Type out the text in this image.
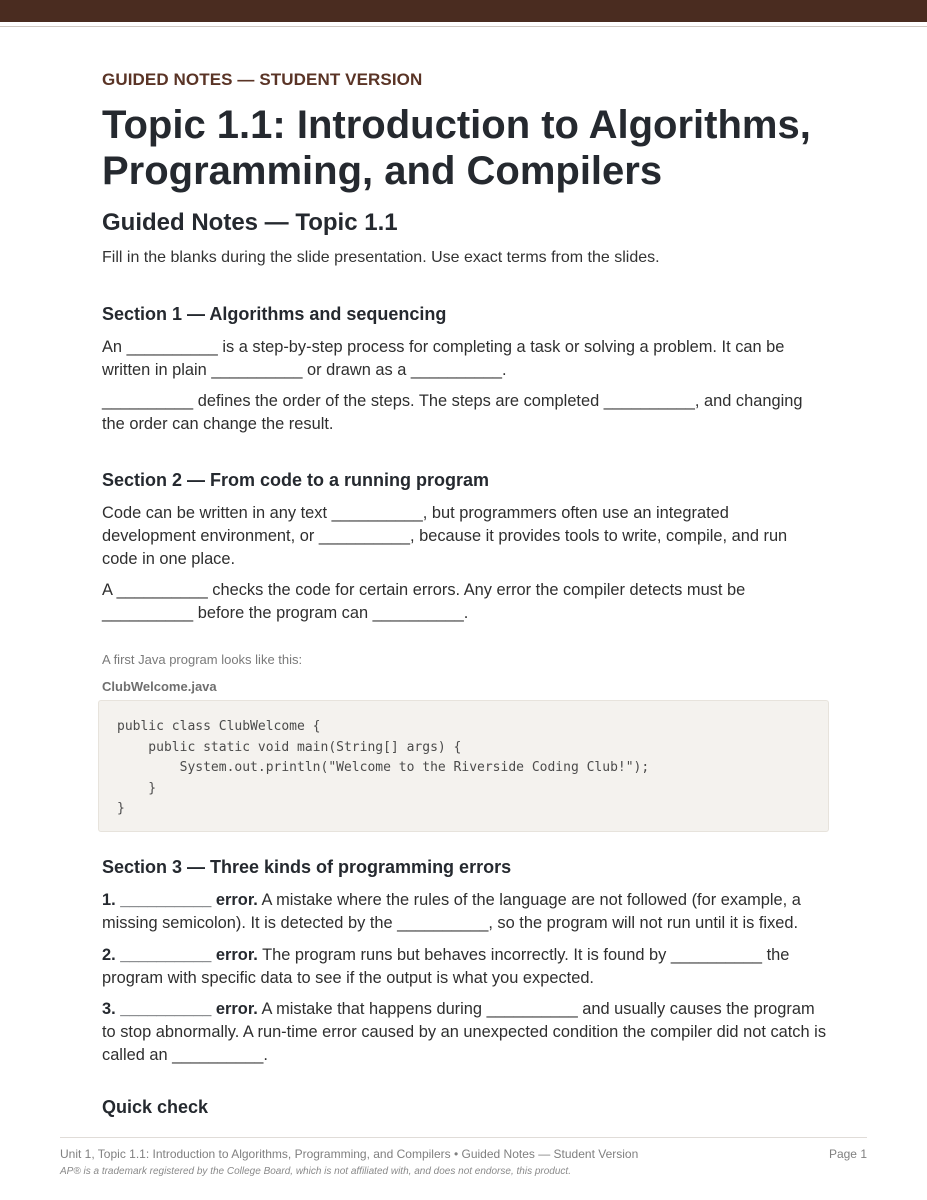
GUIDED NOTES — STUDENT VERSION
Topic 1.1: Introduction to Algorithms, Programming, and Compilers
Guided Notes — Topic 1.1
Fill in the blanks during the slide presentation. Use exact terms from the slides.
Section 1 — Algorithms and sequencing

An __________ is a step-by-step process for completing a task or solving a problem. It can be written in plain __________ or drawn as a __________.

__________ defines the order of the steps. The steps are completed __________, and changing the order can change the result.

Section 2 — From code to a running program

Code can be written in any text __________, but programmers often use an integrated development environment, or __________, because it provides tools to write, compile, and run code in one place.

A __________ checks the code for certain errors. Any error the compiler detects must be __________ before the program can __________.

A first Java program looks like this:
ClubWelcome.java
Section 3 — Three kinds of programming errors

1. __________ error. A mistake where the rules of the language are not followed (for example, a missing semicolon). It is detected by the __________, so the program will not run until it is fixed.

2. __________ error. The program runs but behaves incorrectly. It is found by __________ the program with specific data to see if the output is what you expected.

3. __________ error. A mistake that happens during __________ and usually causes the program to stop abnormally. A run-time error caused by an unexpected condition the compiler did not catch is called an __________.

Quick check
public class ClubWelcome {
public static void main(String[] args) {
System.out.println("Welcome to the Riverside Coding Club!");
}
}
Unit 1, Topic 1.1: Introduction to Algorithms, Programming, and Compilers • Guided Notes — Student Version	Page 1
AP® is a trademark registered by the College Board, which is not affiliated with, and does not endorse, this product.
